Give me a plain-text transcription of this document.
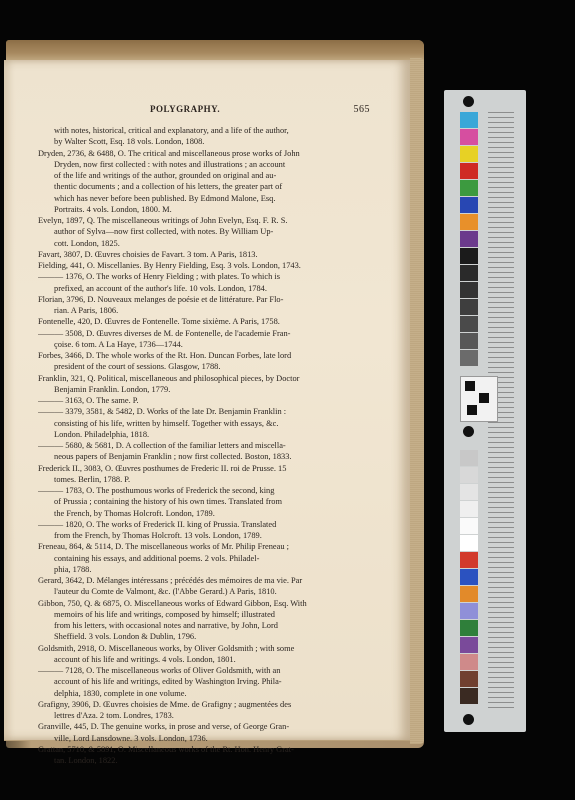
POLYGRAPHY.	565
with notes, historical, critical and explanatory, and a life of the author,
by Walter Scott, Esq. 18 vols. London, 1808.
Dryden, 2736, & 6488, O. The critical and miscellaneous prose works of John
Dryden, now first collected : with notes and illustrations ; an account
of the life and writings of the author, grounded on original and au-
thentic documents ; and a collection of his letters, the greater part of
which has never before been published. By Edmond Malone, Esq.
Portraits. 4 vols. London, 1800. M.
Evelyn, 1897, Q. The miscellaneous writings of John Evelyn, Esq. F. R. S.
author of Sylva—now first collected, with notes. By William Up-
cott. London, 1825.
Favart, 3807, D. Œuvres choisies de Favart. 3 tom. A Paris, 1813.
Fielding, 441, O. Miscellanies. By Henry Fielding, Esq. 3 vols. London, 1743.
——— 1376, O. The works of Henry Fielding ; with plates. To which is
prefixed, an account of the author's life. 10 vols. London, 1784.
Florian, 3796, D. Nouveaux melanges de poésie et de littérature. Par Flo-
rian. A Paris, 1806.
Fontenelle, 420, D. Œuvres de Fontenelle. Tome sixième. A Paris, 1758.
——— 3508, D. Œuvres diverses de M. de Fontenelle, de l'academie Fran-
çoise. 6 tom. A La Haye, 1736—1744.
Forbes, 3466, D. The whole works of the Rt. Hon. Duncan Forbes, late lord
president of the court of sessions. Glasgow, 1788.
Franklin, 321, Q. Political, miscellaneous and philosophical pieces, by Doctor
Benjamin Franklin. London, 1779.
——— 3163, O. The same. P.
——— 3379, 3581, & 5482, D. Works of the late Dr. Benjamin Franklin :
consisting of his life, written by himself. Together with essays, &c.
London. Philadelphia, 1818.
——— 5680, & 5681, D. A collection of the familiar letters and miscella-
neous papers of Benjamin Franklin ; now first collected. Boston, 1833.
Frederick II., 3083, O. Œuvres posthumes de Frederic II. roi de Prusse. 15
tomes. Berlin, 1788. P.
——— 1783, O. The posthumous works of Frederick the second, king
of Prussia ; containing the history of his own times. Translated from
the French, by Thomas Holcroft. London, 1789.
——— 1820, O. The works of Frederick II. king of Prussia. Translated
from the French, by Thomas Holcroft. 13 vols. London, 1789.
Freneau, 864, & 5114, D. The miscellaneous works of Mr. Philip Freneau ;
containing his essays, and additional poems. 2 vols. Philadel-
phia, 1788.
Gerard, 3642, D. Mélanges intéressans ; précédés des mémoires de ma vie. Par
l'auteur du Comte de Valmont, &c. (l'Abbe Gerard.) A Paris, 1810.
Gibbon, 750, Q. & 6875, O. Miscellaneous works of Edward Gibbon, Esq. With
memoirs of his life and writings, composed by himself; illustrated
from his letters, with occasional notes and narrative, by John, Lord
Sheffield. 3 vols. London & Dublin, 1796.
Goldsmith, 2918, O. Miscellaneous works, by Oliver Goldsmith ; with some
account of his life and writings. 4 vols. London, 1801.
——— 7128, O. The miscellaneous works of Oliver Goldsmith, with an
account of his life and writings, edited by Washington Irving. Phila-
delphia, 1830, complete in one volume.
Grafigny, 3906, D. Œuvres choisies de Mme. de Grafigny ; augmentées des
lettres d'Aza. 2 tom. Londres, 1783.
Granville, 445, D. The genuine works, in prose and verse, of George Gran-
ville, Lord Lansdowne. 3 vols. London, 1736.
Grattan, 5710, & 5891, O. Miscellaneous works of the Rt. Hon. Henry Grat-
tan. London, 1822.
